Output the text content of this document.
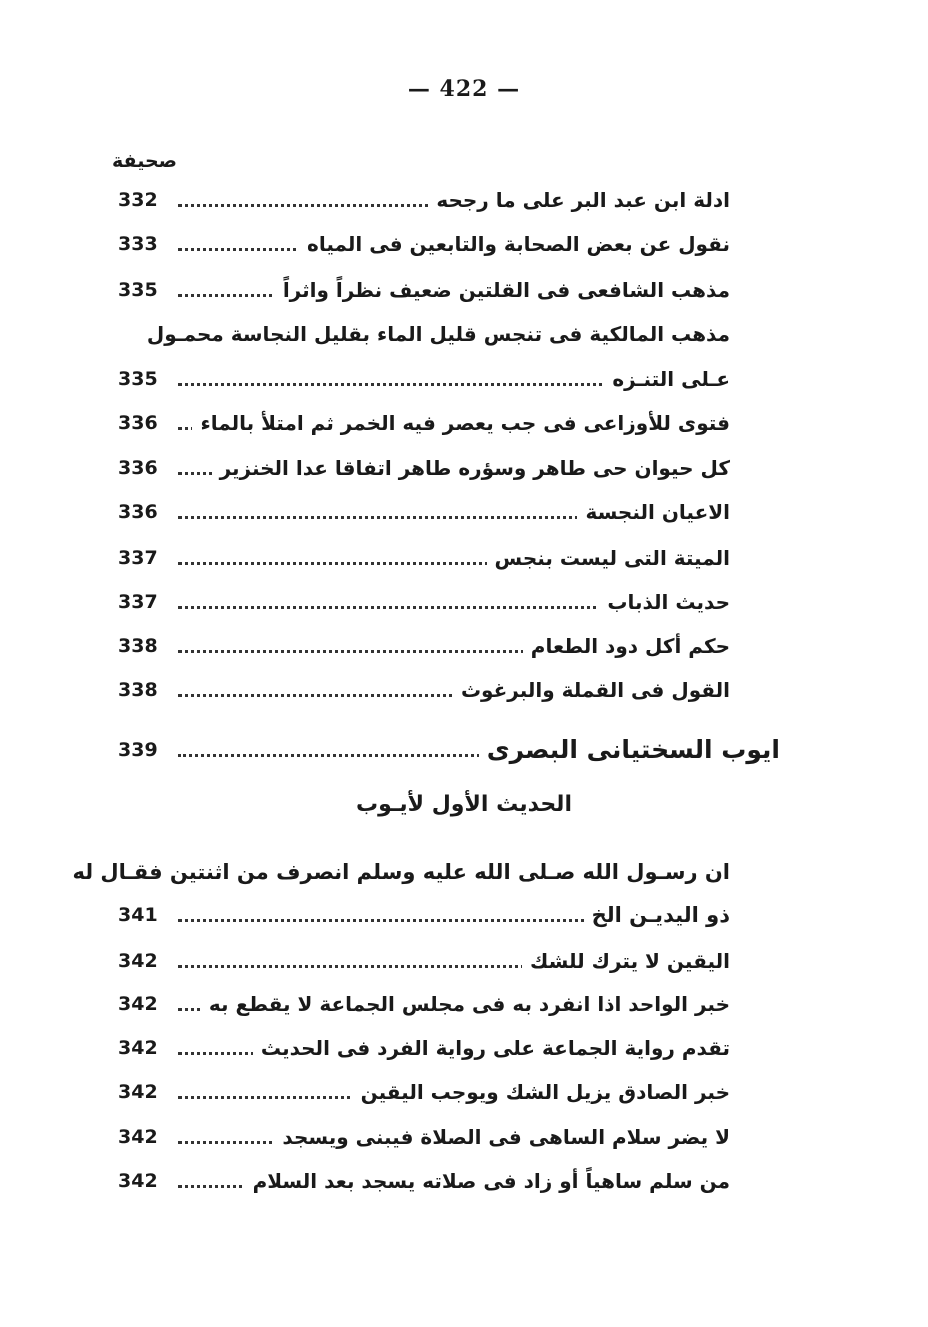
— 422 —
صحيفة
ادلة ابن عبد البر على ما رجحه
332
نقول عن بعض الصحابة والتابعين فى المياه
333
مذهب الشافعى فى القلتين ضعيف نظراً واثراً
335
مذهب المالكية فى تنجس قليل الماء بقليل النجاسة محمـول
عـلى التنـزه
335
فتوى للأوزاعى فى جب يعصر فيه الخمر ثم امتلأ بالماء
336
كل حيوان حى طاهر وسؤره طاهر اتفاقا عدا الخنزير
336
الاعيان النجسة
336
الميتة التى ليست بنجس
337
حديث الذباب
337
حكم أكل دود الطعام
338
القول فى القملة والبرغوث
338
ايوب السختيانى البصرى
339
الحديث الأول لأيـوب
ان رسـول الله صـلى الله عليه وسلم انصرف من اثنتين فقـال له
ذو اليديـن الخ
341
اليقين لا يترك للشك
342
خبر الواحد اذا انفرد به فى مجلس الجماعة لا يقطع به
342
تقدم رواية الجماعة على رواية الفرد فى الحديث
342
خبر الصادق يزيل الشك ويوجب اليقين
342
لا يضر سلام الساهى فى الصلاة فيبنى ويسجد
342
من سلم ساهياً أو زاد فى صلاته يسجد بعد السلام
342
